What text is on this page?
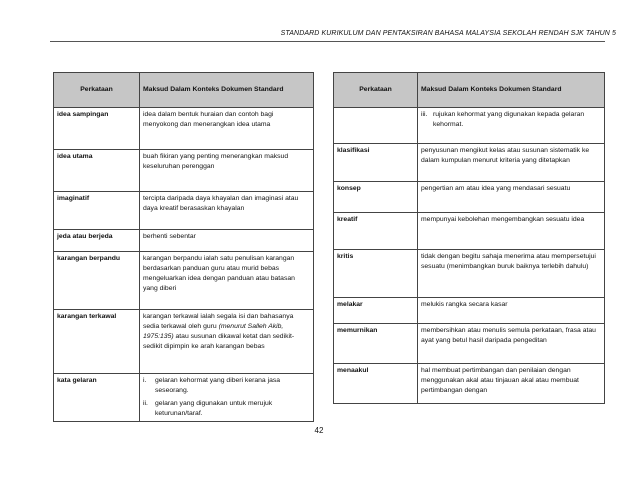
STANDARD KURIKULUM DAN PENTAKSIRAN BAHASA MALAYSIA SEKOLAH RENDAH SJK TAHUN 5
Perkataan	Maksud Dalam Konteks Dokumen Standard
idea sampingan	idea dalam bentuk huraian dan contoh bagi menyokong dan menerangkan idea utama
idea utama	buah fikiran yang penting menerangkan maksud keseluruhan perenggan
imaginatif	tercipta daripada daya khayalan dan imaginasi atau daya kreatif berasaskan khayalan
jeda atau berjeda	berhenti sebentar
karangan berpandu	karangan berpandu ialah satu penulisan karangan berdasarkan panduan guru atau murid bebas mengeluarkan idea dengan panduan atau batasan yang diberi
karangan terkawal	karangan terkawal ialah segala isi dan bahasanya sedia terkawal oleh guru (menurut Salleh Akib, 1975:135) atau susunan dikawal ketat dan sedikit-sedikit dipimpin ke arah karangan bebas
kata gelaran	i. gelaran kehormat yang diberi kerana jasa seseorang.
ii. gelaran yang digunakan untuk merujuk keturunan/taraf.
Perkataan	Maksud Dalam Konteks Dokumen Standard

	iii. rujukan kehormat yang digunakan kepada gelaran kehormat.

klasifikasi	penyusunan mengikut kelas atau susunan sistematik ke dalam kumpulan menurut kriteria yang ditetapkan
konsep	pengertian am atau idea yang mendasari sesuatu
kreatif	mempunyai kebolehan mengembangkan sesuatu idea
kritis	tidak dengan begitu sahaja menerima atau mempersetujui sesuatu (menimbangkan buruk baiknya terlebih dahulu)
melakar	melukis rangka secara kasar
memurnikan	membersihkan atau menulis semula perkataan, frasa atau ayat yang betul hasil daripada pengeditan
menaakul	hal membuat pertimbangan dan penilaian dengan menggunakan akal atau tinjauan akal atau membuat pertimbangan dengan
42
